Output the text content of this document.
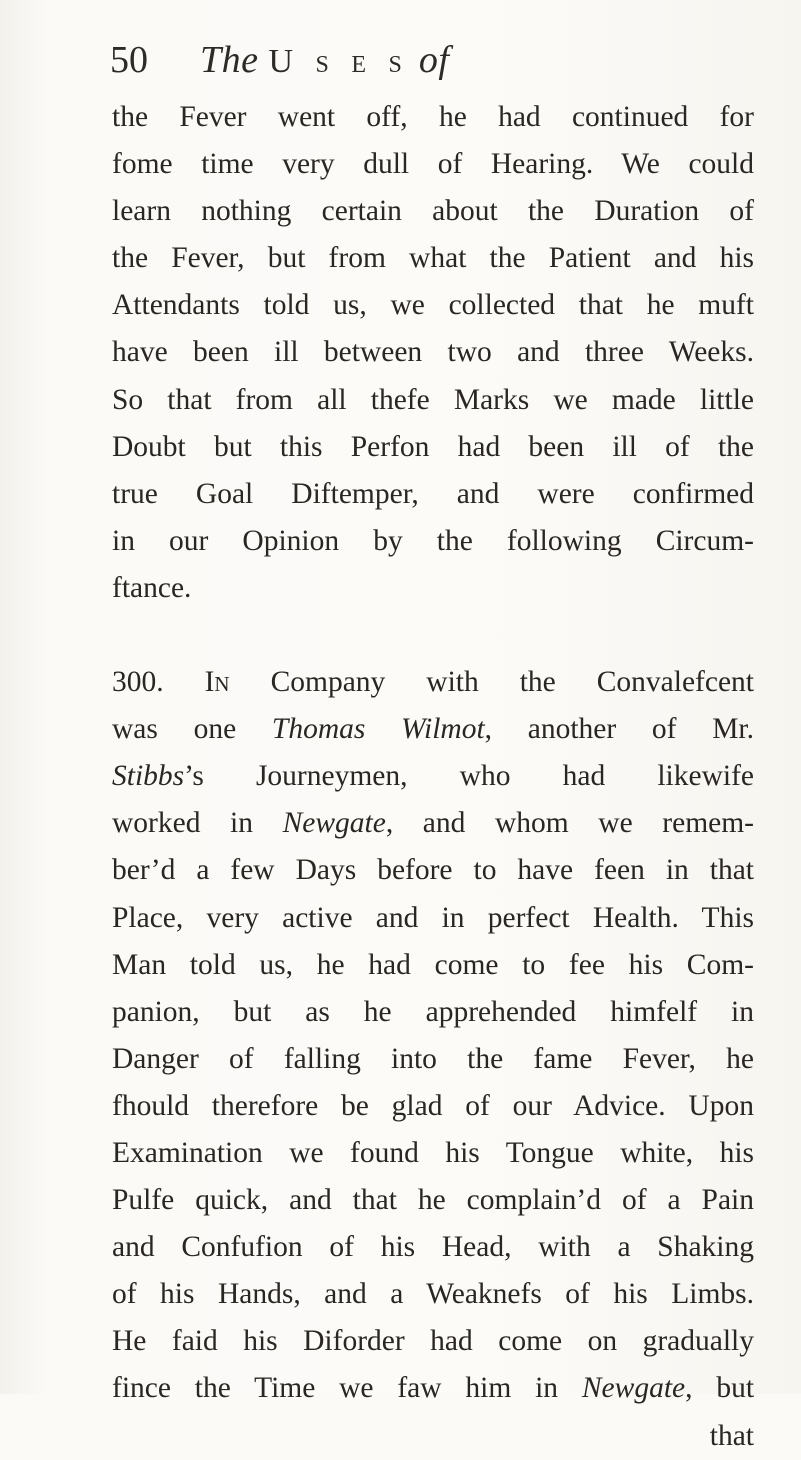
50 The U s e s of
the Fever went off, he had continued for
fome time very dull of Hearing. We could
learn nothing certain about the Duration of
the Fever, but from what the Patient and his
Attendants told us, we collected that he muft
have been ill between two and three Weeks.
So that from all thefe Marks we made little
Doubt but this Perfon had been ill of the
true Goal Diftemper, and were confirmed
in our Opinion by the following Circum-
ftance.
300. In Company with the Convalefcent
was one Thomas Wilmot, another of Mr.
Stibbs’s Journeymen, who had likewife
worked in Newgate, and whom we remem-
ber’d a few Days before to have feen in that
Place, very active and in perfect Health. This
Man told us, he had come to fee his Com-
panion, but as he apprehended himfelf in
Danger of falling into the fame Fever, he
fhould therefore be glad of our Advice. Upon
Examination we found his Tongue white, his
Pulfe quick, and that he complain’d of a Pain
and Confufion of his Head, with a Shaking
of his Hands, and a Weaknefs of his Limbs.
He faid his Diforder had come on gradually
fince the Time we faw him in Newgate, but
that
